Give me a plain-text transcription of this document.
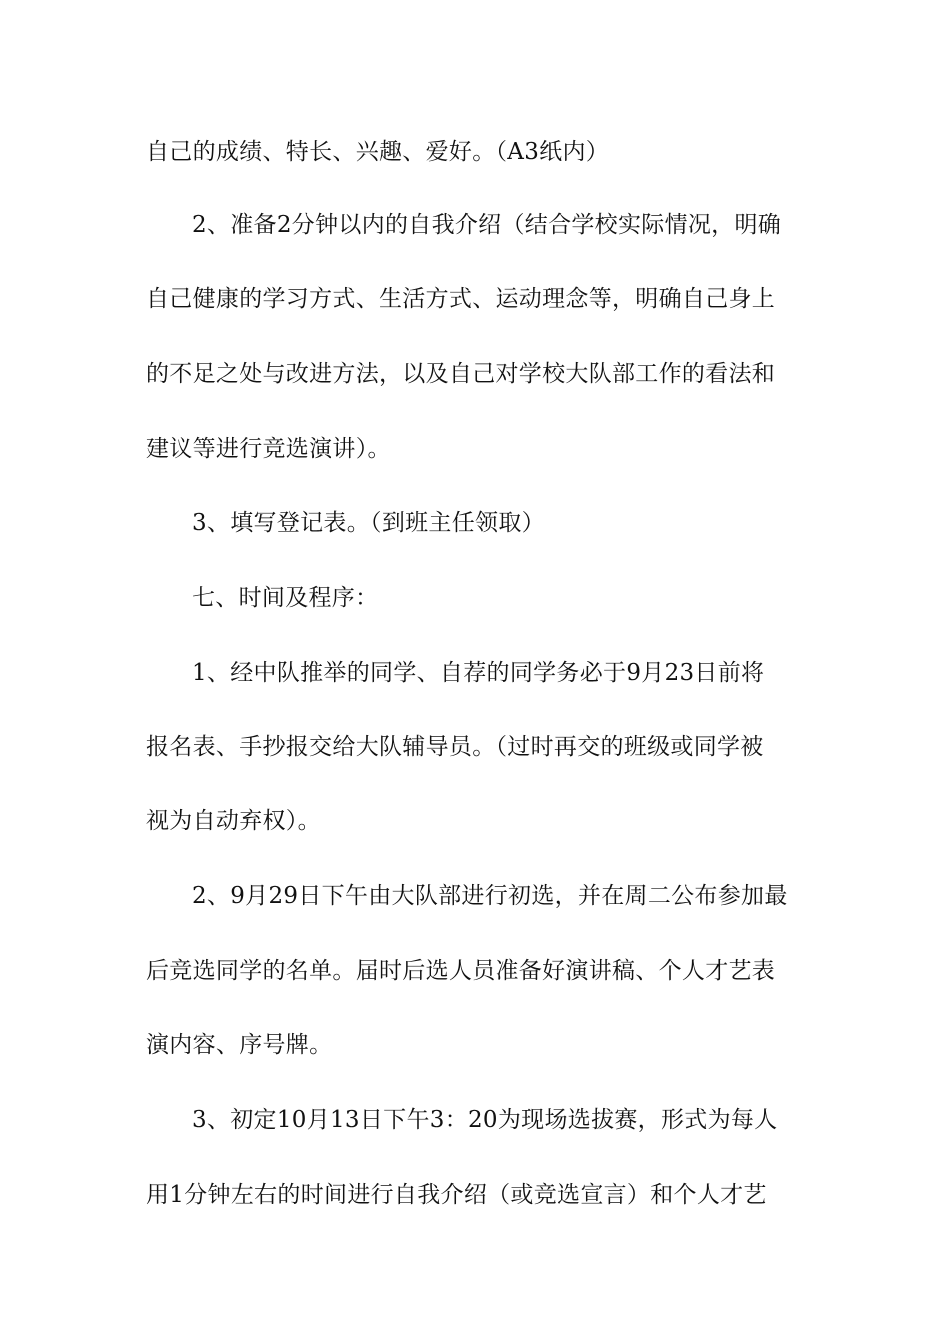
自己的成绩、特长、兴趣、爱好。（A3纸内）
2、准备2分钟以内的自我介绍（结合学校实际情况，明确
自己健康的学习方式、生活方式、运动理念等，明确自己身上
的不足之处与改进方法，以及自己对学校大队部工作的看法和
建议等进行竞选演讲）。
3、填写登记表。（到班主任领取）
七、时间及程序：
1、经中队推举的同学、自荐的同学务必于9月23日前将
报名表、手抄报交给大队辅导员。（过时再交的班级或同学被
视为自动弃权）。
2、9月29日下午由大队部进行初选，并在周二公布参加最
后竞选同学的名单。届时后选人员准备好演讲稿、个人才艺表
演内容、序号牌。
3、初定10月13日下午3：20为现场选拔赛，形式为每人
用1分钟左右的时间进行自我介绍（或竞选宣言）和个人才艺
